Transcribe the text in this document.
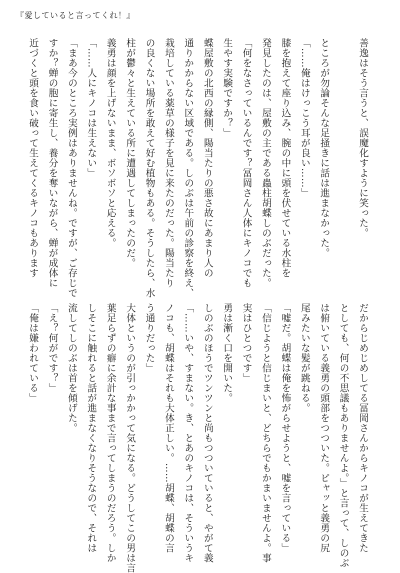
『愛していると言ってくれ！』
善逸はそう言うと、誤魔化すように笑った。

ところが勿論そんな足掻きに話は進まなかった。
「……俺はけっこう耳が良い……」
膝を抱えて座り込み、腕の中に頭を伏せている水柱を
発見したのは、屋敷の主である蟲柱胡蝶しのぶだった。
「何をなさっているんです？冨岡さん人体にキノコでも
生やす実験ですか？」
蝶屋敷の北西の縁側、陽当たりの悪さ故にあまり人の
通りかからない区域である。しのぶは午前の診察を終え、
栽培している薬草の様子を見に来たのだった。陽当たり
の良くない場所を敢えて好む植物もある。そうしたら、水
柱が鬱々と生えている所に遭遇してしまったのだ。
義勇は顔を上げないまま、ボソボソと応える。
「……人にキノコは生えない」
「まあ今のところ実例はありませんね。ですが、ご存じで
すか？蝉の胞に寄生し、養分を奪いながら、蝉が成体に
近づくと頭を食い破って生えてくるキノコもあります
だからじめじめしてる冨岡さんからキノコが生えてきた
としても、何の不思議もありませんよ。」と言って、しのぶ
は俯いている義勇の頭部をつついた。ピャッと義勇の尻
尾みたいな髪が跳ねる。
「嘘だ。胡蝶は俺を怖がらせようと、嘘を言っている」
「信じようと信じまいと、どちらでもかまいませんよ。事
実はひとつです」
勇は漸く口を開いた。
しのぶのほうでツンツンと尚もつついていると、やがて義
「……いや、すまない。き、とあのキノコは、そういうキ
ノコも、胡蝶はそれも大体正しい。……胡蝶、胡蝶の言
う通りだった」
大体というのが引っかかって気になる。どうしてこの男は言
葉足らずの癖に余計な事まで言ってしまうのだろう。しか
しそこに触れると話が進まなくなりそうなので、それは
流してしのぶは首を傾げた。
「え？何がです？」
「俺は嫌われている」
